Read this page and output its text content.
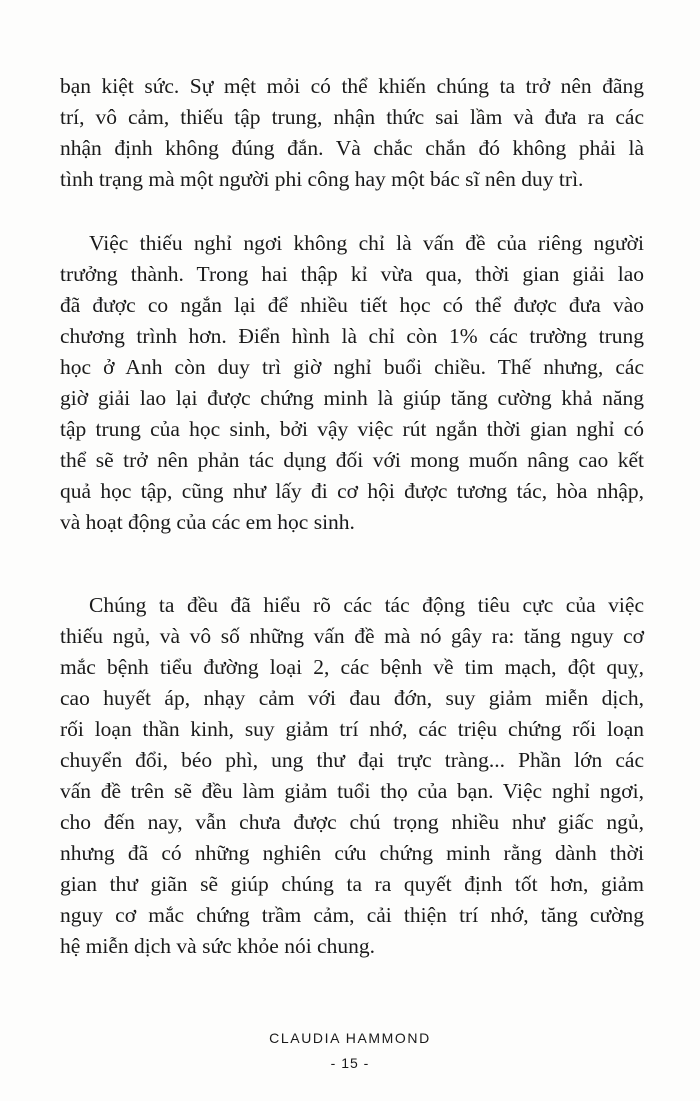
bạn kiệt sức. Sự mệt mỏi có thể khiến chúng ta trở nên đãng
trí, vô cảm, thiếu tập trung, nhận thức sai lầm và đưa ra các
nhận định không đúng đắn. Và chắc chắn đó không phải là
tình trạng mà một người phi công hay một bác sĩ nên duy trì.
Việc thiếu nghỉ ngơi không chỉ là vấn đề của riêng người
trưởng thành. Trong hai thập kỉ vừa qua, thời gian giải lao
đã được co ngắn lại để nhiều tiết học có thể được đưa vào
chương trình hơn. Điển hình là chỉ còn 1% các trường trung
học ở Anh còn duy trì giờ nghỉ buổi chiều. Thế nhưng, các
giờ giải lao lại được chứng minh là giúp tăng cường khả năng
tập trung của học sinh, bởi vậy việc rút ngắn thời gian nghỉ có
thể sẽ trở nên phản tác dụng đối với mong muốn nâng cao kết
quả học tập, cũng như lấy đi cơ hội được tương tác, hòa nhập,
và hoạt động của các em học sinh.
Chúng ta đều đã hiểu rõ các tác động tiêu cực của việc
thiếu ngủ, và vô số những vấn đề mà nó gây ra: tăng nguy cơ
mắc bệnh tiểu đường loại 2, các bệnh về tim mạch, đột quỵ,
cao huyết áp, nhạy cảm với đau đớn, suy giảm miễn dịch,
rối loạn thần kinh, suy giảm trí nhớ, các triệu chứng rối loạn
chuyển đổi, béo phì, ung thư đại trực tràng... Phần lớn các
vấn đề trên sẽ đều làm giảm tuổi thọ của bạn. Việc nghỉ ngơi,
cho đến nay, vẫn chưa được chú trọng nhiều như giấc ngủ,
nhưng đã có những nghiên cứu chứng minh rằng dành thời
gian thư giãn sẽ giúp chúng ta ra quyết định tốt hơn, giảm
nguy cơ mắc chứng trầm cảm, cải thiện trí nhớ, tăng cường
hệ miễn dịch và sức khỏe nói chung.
CLAUDIA HAMMOND
- 15 -
